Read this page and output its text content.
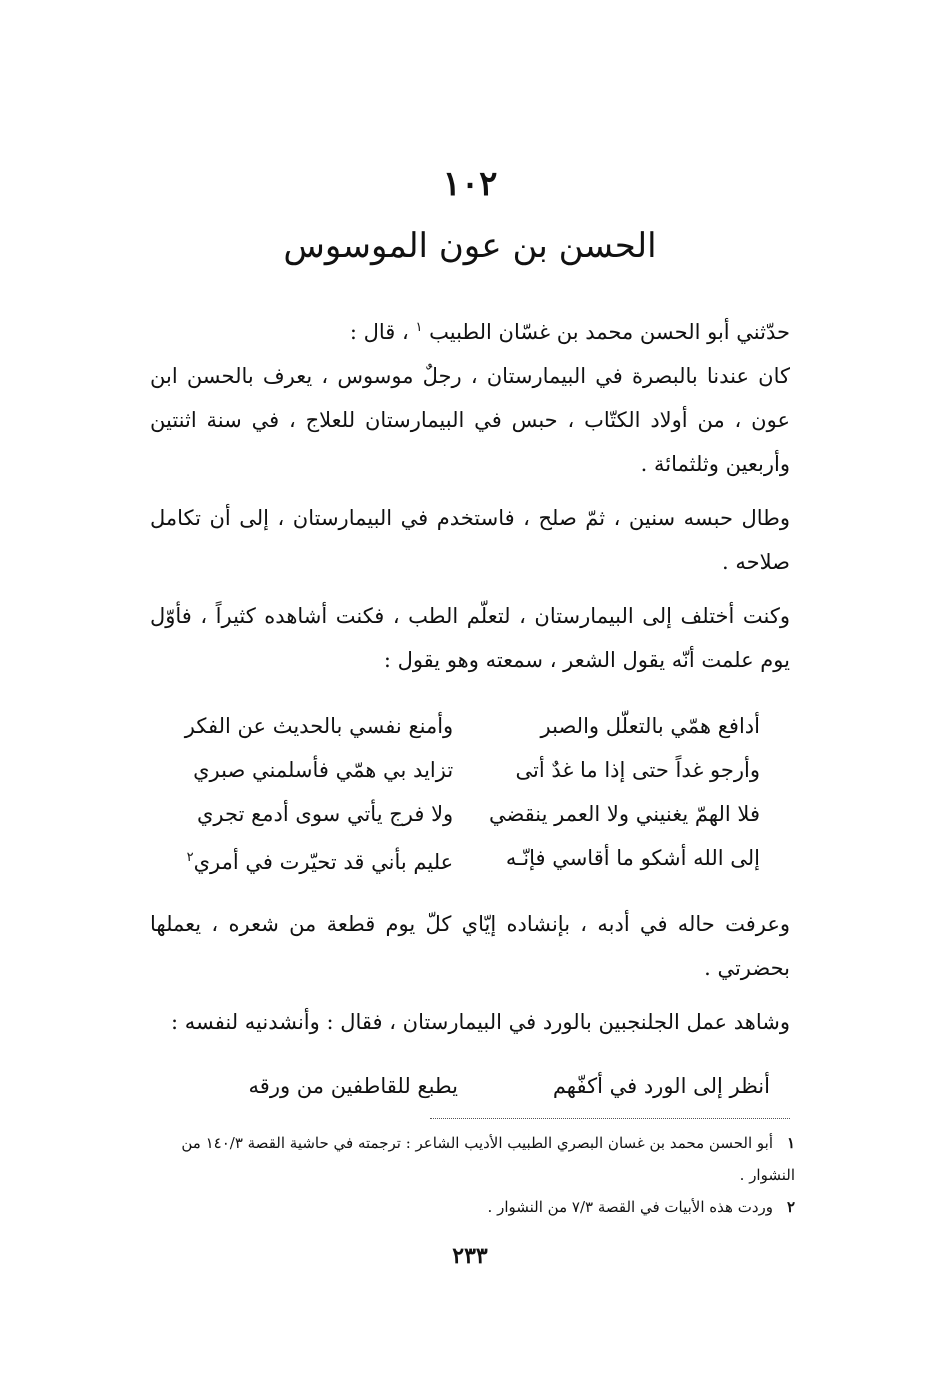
١٠٢
الحسن بن عون الموسوس

حدّثني أبو الحسن محمد بن غسّان الطبيب $^١$ ، قال :

كان عندنا بالبصرة في البيمارستان ، رجلٌ موسوس ، يعرف بالحسن ابن عون ، من أولاد الكتّاب ، حبس في البيمارستان للعلاج ، في سنة اثنتين وأربعين وثلثمائة .

وطال حبسه سنين ، ثمّ صلح ، فاستخدم في البيمارستان ، إلى أن تكامل صلاحه .

وكنت أختلف إلى البيمارستان ، لتعلّم الطب ، فكنت أشاهده كثيراً ، فأوّل يوم علمت أنّه يقول الشعر ، سمعته وهو يقول :

أدافع همّي بالتعلّل والصبر
وأمنع نفسي بالحديث عن الفكر
وأرجو غداً حتى إذا ما غدٌ أتى
تزايد بي همّي فأسلمني صبري
فلا الهمّ يغنيني ولا العمر ينقضي
ولا فرج يأتي سوى أدمع تجري
إلى الله أشكو ما أقاسي فإنّـه
عليم بأني قد تحيّرت في أمري$^٢$

وعرفت حاله في أدبه ، بإنشاده إيّاي كلّ يوم قطعة من شعره ، يعملها بحضرتي .

وشاهد عمل الجلنجبين بالورد في البيمارستان ، فقال : وأنشدنيه لنفسه :

أنظر إلى الورد في أكفّهم
يطبع للقاطفين من ورقه

١أبو الحسن محمد بن غسان البصري الطبيب الأديب الشاعر : ترجمته في حاشية القصة ١٤٠/٣ من النشوار .

٢وردت هذه الأبيات في القصة ٧/٣ من النشوار .

٢٣٣
